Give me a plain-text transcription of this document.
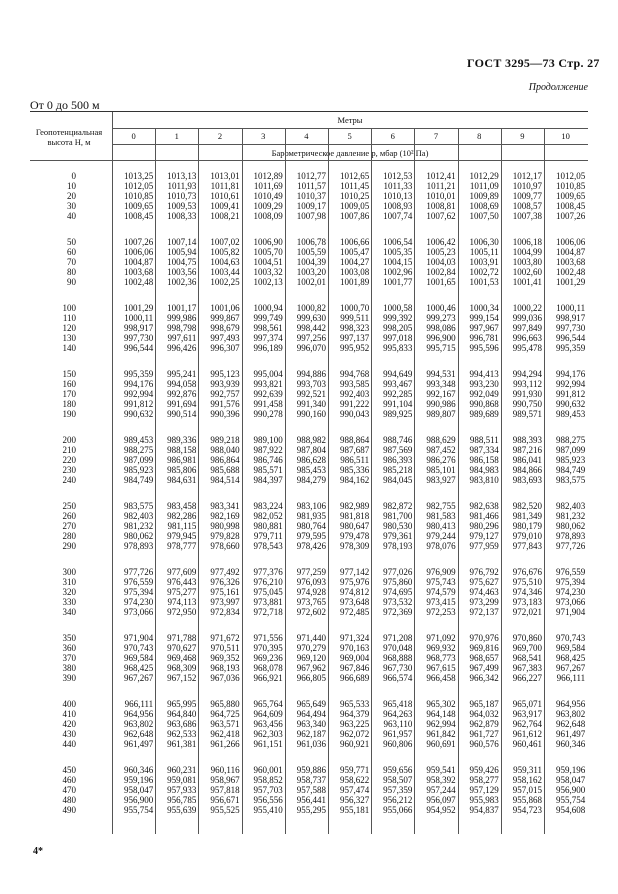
ГОСТ 3295—73 Стр. 27
Продолжение
От 0 до 500 м
Геопотенциальная высота H, м
Метры
Барометрическое давление p, мбар (10² Па)
0	1	2	3	4	5	6	7	8	9	10
0	1013,25	1013,13	1013,01	1012,89	1012,77	1012,65	1012,53	1012,41	1012,29	1012,17	1012,05
10	1012,05	1011,93	1011,81	1011,69	1011,57	1011,45	1011,33	1011,21	1011,09	1010,97	1010,85
20	1010,85	1010,73	1010,61	1010,49	1010,37	1010,25	1010,13	1010,01	1009,89	1009,77	1009,65
30	1009,65	1009,53	1009,41	1009,29	1009,17	1009,05	1008,93	1008,81	1008,69	1008,57	1008,45
40	1008,45	1008,33	1008,21	1008,09	1007,98	1007,86	1007,74	1007,62	1007,50	1007,38	1007,26
50	1007,26	1007,14	1007,02	1006,90	1006,78	1006,66	1006,54	1006,42	1006,30	1006,18	1006,06
60	1006,06	1005,94	1005,82	1005,70	1005,59	1005,47	1005,35	1005,23	1005,11	1004,99	1004,87
70	1004,87	1004,75	1004,63	1004,51	1004,39	1004,27	1004,15	1004,03	1003,91	1003,80	1003,68
80	1003,68	1003,56	1003,44	1003,32	1003,20	1003,08	1002,96	1002,84	1002,72	1002,60	1002,48
90	1002,48	1002,36	1002,25	1002,13	1002,01	1001,89	1001,77	1001,65	1001,53	1001,41	1001,29
100	1001,29	1001,17	1001,06	1000,94	1000,82	1000,70	1000,58	1000,46	1000,34	1000,22	1000,11
110	1000,11	999,986	999,867	999,749	999,630	999,511	999,392	999,273	999,154	999,036	998,917
120	998,917	998,798	998,679	998,561	998,442	998,323	998,205	998,086	997,967	997,849	997,730
130	997,730	997,611	997,493	997,374	997,256	997,137	997,018	996,900	996,781	996,663	996,544
140	996,544	996,426	996,307	996,189	996,070	995,952	995,833	995,715	995,596	995,478	995,359
150	995,359	995,241	995,123	995,004	994,886	994,768	994,649	994,531	994,413	994,294	994,176
160	994,176	994,058	993,939	993,821	993,703	993,585	993,467	993,348	993,230	993,112	992,994
170	992,994	992,876	992,757	992,639	992,521	992,403	992,285	992,167	992,049	991,930	991,812
180	991,812	991,694	991,576	991,458	991,340	991,222	991,104	990,986	990,868	990,750	990,632
190	990,632	990,514	990,396	990,278	990,160	990,043	989,925	989,807	989,689	989,571	989,453
200	989,453	989,336	989,218	989,100	988,982	988,864	988,746	988,629	988,511	988,393	988,275
210	988,275	988,158	988,040	987,922	987,804	987,687	987,569	987,452	987,334	987,216	987,099
220	987,099	986,981	986,864	986,746	986,628	986,511	986,393	986,276	986,158	986,041	985,923
230	985,923	985,806	985,688	985,571	985,453	985,336	985,218	985,101	984,983	984,866	984,749
240	984,749	984,631	984,514	984,397	984,279	984,162	984,045	983,927	983,810	983,693	983,575
250	983,575	983,458	983,341	983,224	983,106	982,989	982,872	982,755	982,638	982,520	982,403
260	982,403	982,286	982,169	982,052	981,935	981,818	981,700	981,583	981,466	981,349	981,232
270	981,232	981,115	980,998	980,881	980,764	980,647	980,530	980,413	980,296	980,179	980,062
280	980,062	979,945	979,828	979,711	979,595	979,478	979,361	979,244	979,127	979,010	978,893
290	978,893	978,777	978,660	978,543	978,426	978,309	978,193	978,076	977,959	977,843	977,726
300	977,726	977,609	977,492	977,376	977,259	977,142	977,026	976,909	976,792	976,676	976,559
310	976,559	976,443	976,326	976,210	976,093	975,976	975,860	975,743	975,627	975,510	975,394
320	975,394	975,277	975,161	975,045	974,928	974,812	974,695	974,579	974,463	974,346	974,230
330	974,230	974,113	973,997	973,881	973,765	973,648	973,532	973,415	973,299	973,183	973,066
340	973,066	972,950	972,834	972,718	972,602	972,485	972,369	972,253	972,137	972,021	971,904
350	971,904	971,788	971,672	971,556	971,440	971,324	971,208	971,092	970,976	970,860	970,743
360	970,743	970,627	970,511	970,395	970,279	970,163	970,048	969,932	969,816	969,700	969,584
370	969,584	969,468	969,352	969,236	969,120	969,004	968,888	968,773	968,657	968,541	968,425
380	968,425	968,309	968,193	968,078	967,962	967,846	967,730	967,615	967,499	967,383	967,267
390	967,267	967,152	967,036	966,921	966,805	966,689	966,574	966,458	966,342	966,227	966,111
400	966,111	965,995	965,880	965,764	965,649	965,533	965,418	965,302	965,187	965,071	964,956
410	964,956	964,840	964,725	964,609	964,494	964,379	964,263	964,148	964,032	963,917	963,802
420	963,802	963,686	963,571	963,456	963,340	963,225	963,110	962,994	962,879	962,764	962,648
430	962,648	962,533	962,418	962,303	962,187	962,072	961,957	961,842	961,727	961,612	961,497
440	961,497	961,381	961,266	961,151	961,036	960,921	960,806	960,691	960,576	960,461	960,346
450	960,346	960,231	960,116	960,001	959,886	959,771	959,656	959,541	959,426	959,311	959,196
460	959,196	959,081	958,967	958,852	958,737	958,622	958,507	958,392	958,277	958,162	958,047
470	958,047	957,933	957,818	957,703	957,588	957,474	957,359	957,244	957,129	957,015	956,900
480	956,900	956,785	956,671	956,556	956,441	956,327	956,212	956,097	955,983	955,868	955,754
490	955,754	955,639	955,525	955,410	955,295	955,181	955,066	954,952	954,837	954,723	954,608
4*
